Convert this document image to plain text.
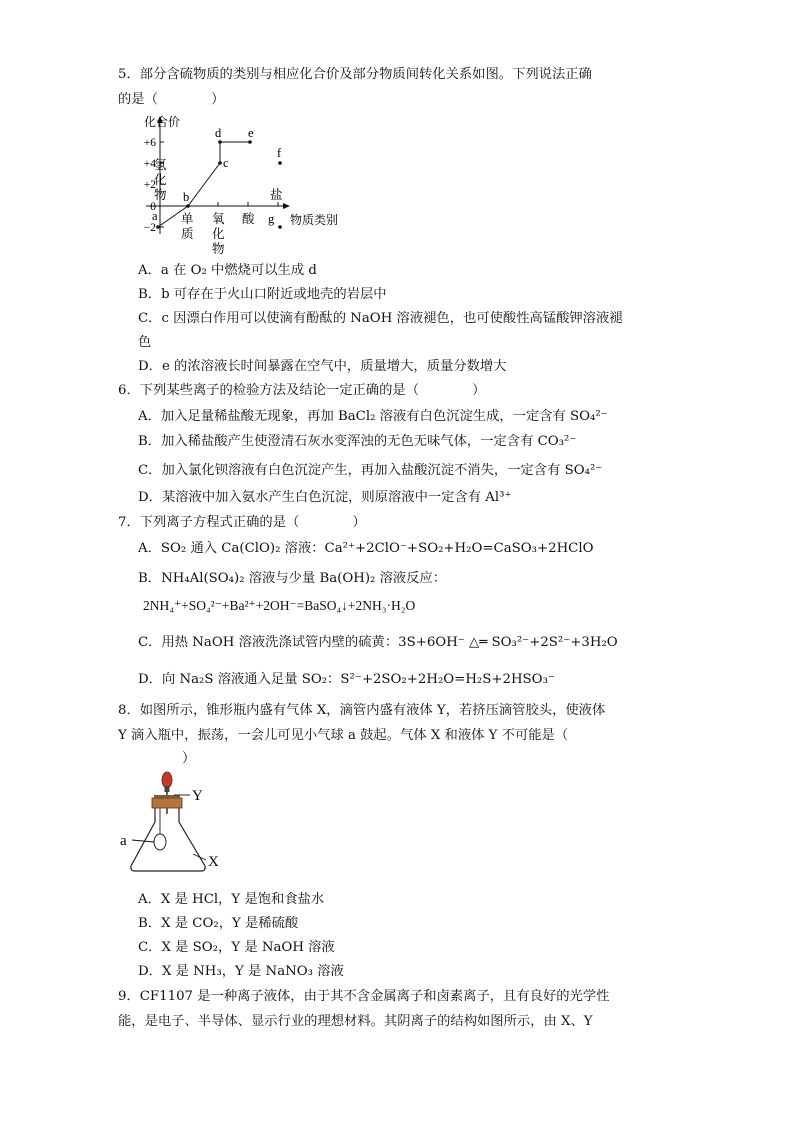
5．部分含硫物质的类别与相应化合价及部分物质间转化关系如图。下列说法正确
的是（　　　　）
化合价
+6
+4
+2
0
−2
物质类别
氢
化
物
单
质
氧
化
物
酸
盐
a
b
c
d e
f
g
A．a 在 O₂ 中燃烧可以生成 d
B．b 可存在于火山口附近或地壳的岩层中
C．c 因漂白作用可以使滴有酚酞的 NaOH 溶液褪色，也可使酸性高锰酸钾溶液褪
色
D．e 的浓溶液长时间暴露在空气中，质量增大，质量分数增大
6．下列某些离子的检验方法及结论一定正确的是（　　　　）
A．加入足量稀盐酸无现象，再加 BaCl₂ 溶液有白色沉淀生成，一定含有 SO₄²⁻
B．加入稀盐酸产生使澄清石灰水变浑浊的无色无味气体，一定含有 CO₃²⁻
C．加入氯化钡溶液有白色沉淀产生，再加入盐酸沉淀不消失，一定含有 SO₄²⁻
D．某溶液中加入氨水产生白色沉淀，则原溶液中一定含有 Al³⁺
7．下列离子方程式正确的是（　　　　）
A．SO₂ 通入 Ca(ClO)₂ 溶液：Ca²⁺+2ClO⁻+SO₂+H₂O=CaSO₃+2HClO
B．NH₄Al(SO₄)₂ 溶液与少量 Ba(OH)₂ 溶液反应：
2NH₄⁺+SO₄²⁻+Ba²⁺+2OH⁻=BaSO₄↓+2NH₃·H₂O
C．用热 NaOH 溶液洗涤试管内壁的硫黄：3S+6OH⁻ △═ SO₃²⁻+2S²⁻+3H₂O
D．向 Na₂S 溶液通入足量 SO₂：S²⁻+2SO₂+2H₂O=H₂S+2HSO₃⁻
8．如图所示，锥形瓶内盛有气体 X，滴管内盛有液体 Y，若挤压滴管胶头，使液体
Y 滴入瓶中，振荡，一会儿可见小气球 a 鼓起。气体 X 和液体 Y 不可能是（
）
Y
a
X
A．X 是 HCl，Y 是饱和食盐水
B．X 是 CO₂，Y 是稀硫酸
C．X 是 SO₂，Y 是 NaOH 溶液
D．X 是 NH₃，Y 是 NaNO₃ 溶液
9．CF1107 是一种离子液体，由于其不含金属离子和卤素离子，且有良好的光学性
能，是电子、半导体、显示行业的理想材料。其阴离子的结构如图所示，由 X、Y
